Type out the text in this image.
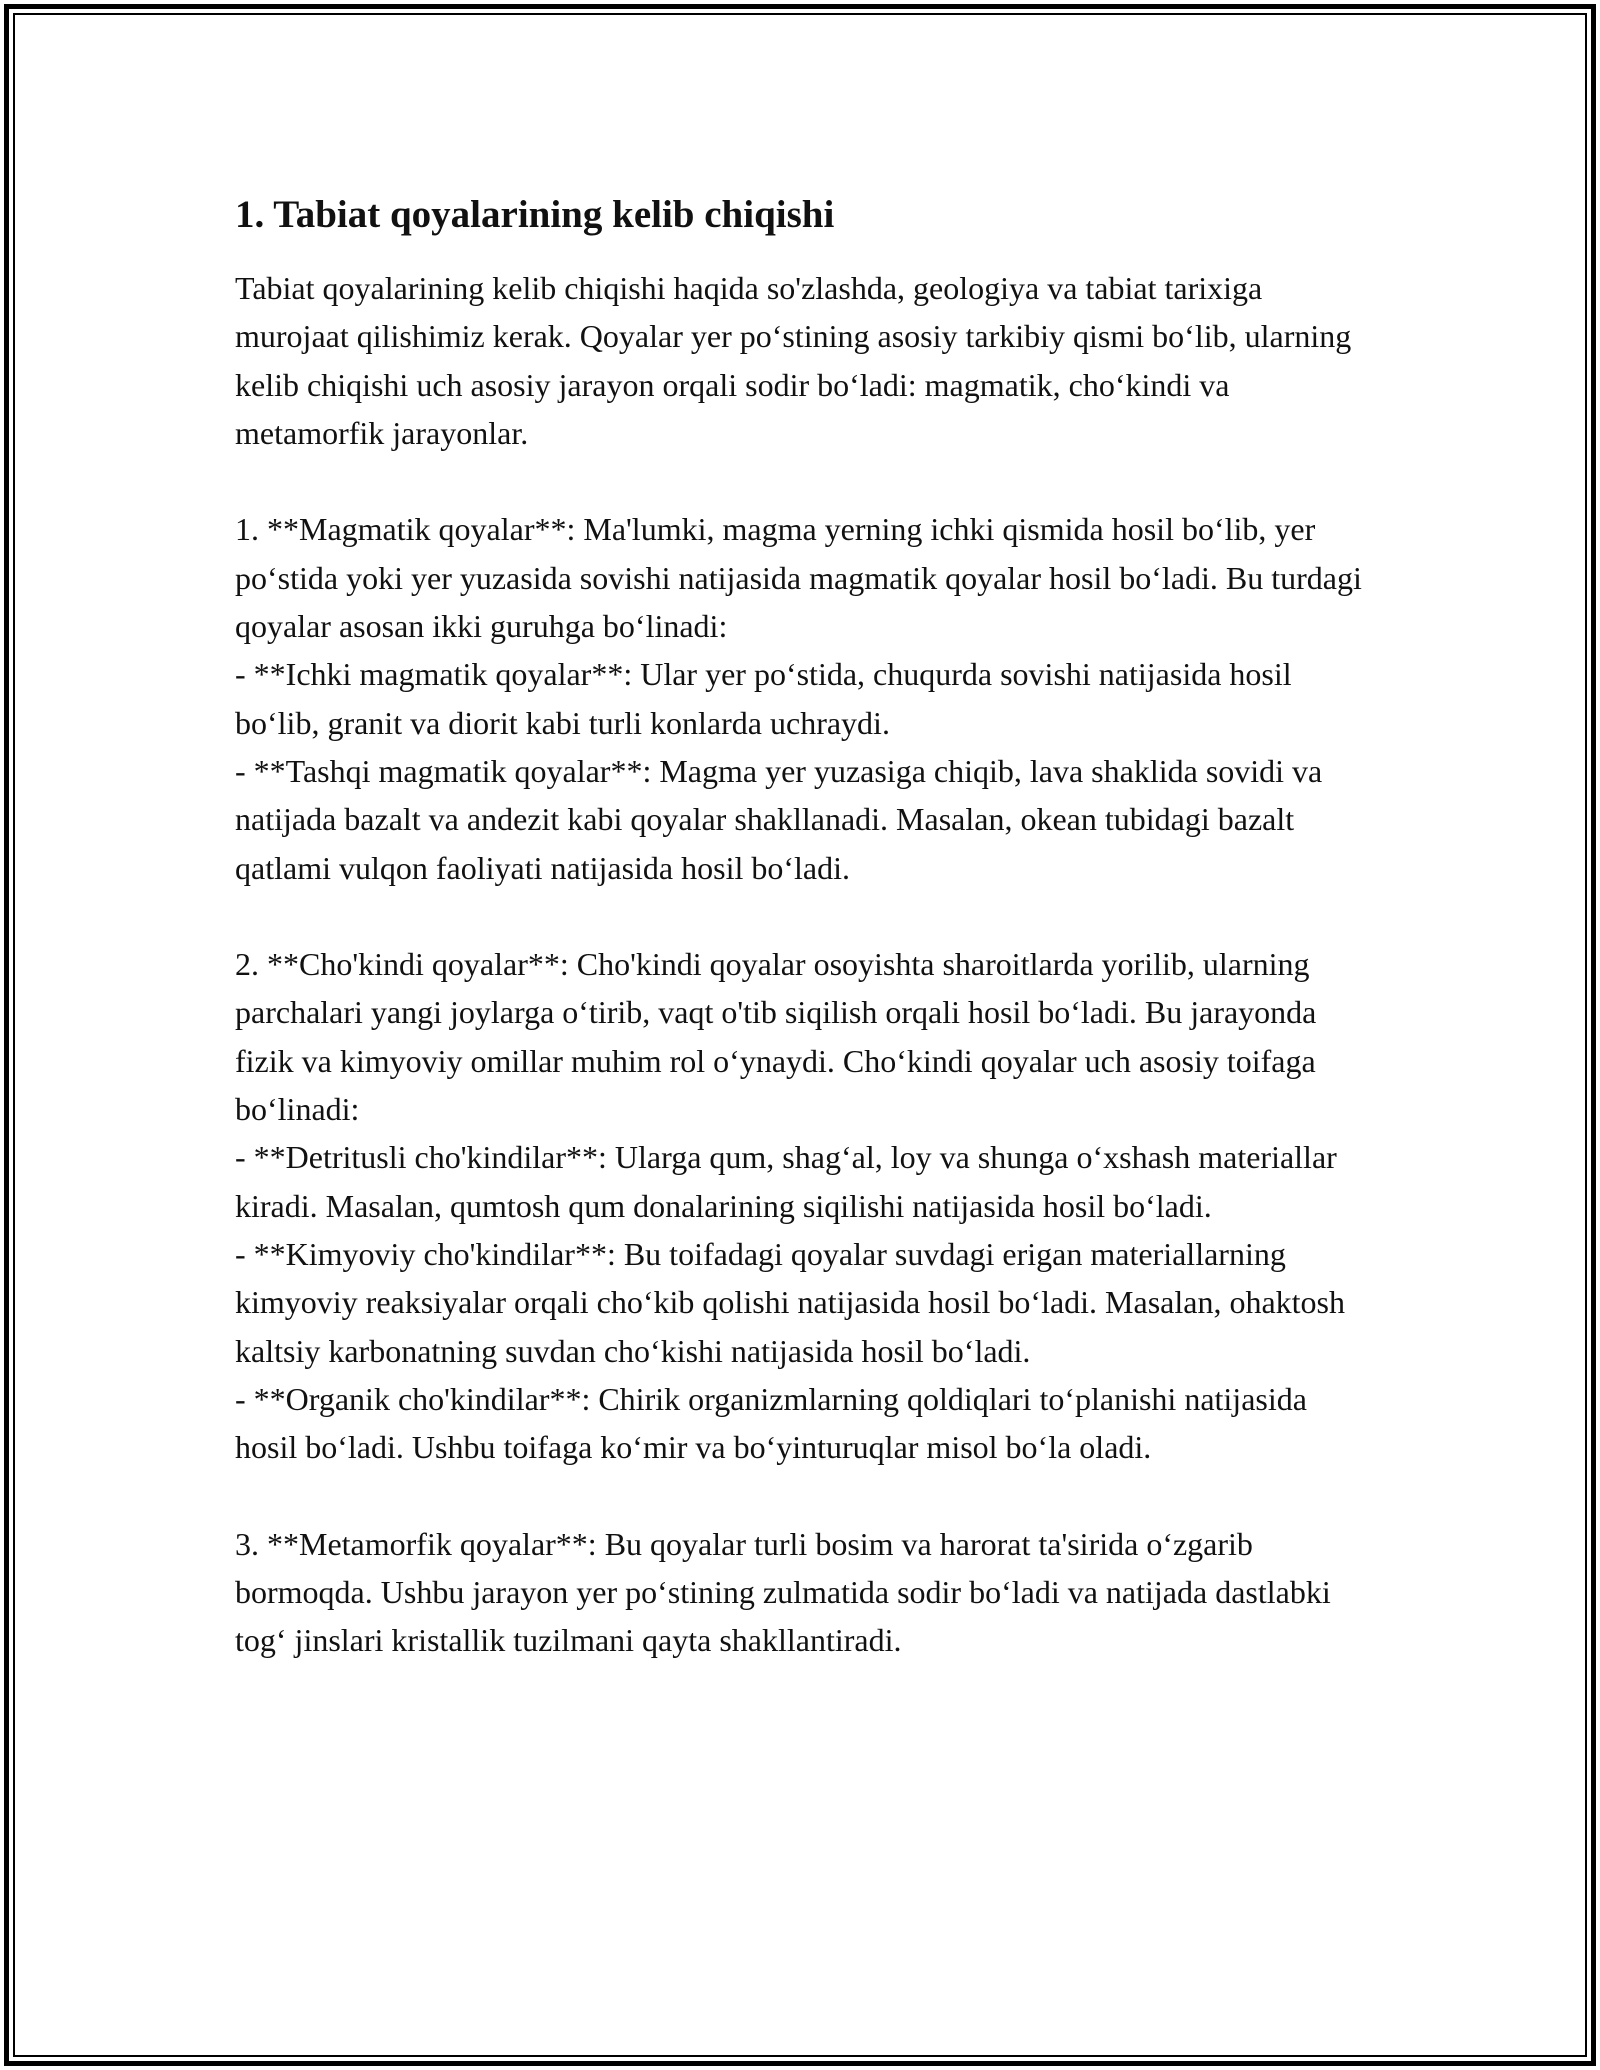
1. Tabiat qoyalarining kelib chiqishi

Tabiat qoyalarining kelib chiqishi haqida so'zlashda, geologiya va tabiat tarixiga murojaat qilishimiz kerak. Qoyalar yer po‘stining asosiy tarkibiy qismi bo‘lib, ularning kelib chiqishi uch asosiy jarayon orqali sodir bo‘ladi: magmatik, cho‘kindi va metamorfik jarayonlar.

1. **Magmatik qoyalar**: Ma'lumki, magma yerning ichki qismida hosil bo‘lib, yer po‘stida yoki yer yuzasida sovishi natijasida magmatik qoyalar hosil bo‘ladi. Bu turdagi qoyalar asosan ikki guruhga bo‘linadi:
- **Ichki magmatik qoyalar**: Ular yer po‘stida, chuqurda sovishi natijasida hosil bo‘lib, granit va diorit kabi turli konlarda uchraydi.
- **Tashqi magmatik qoyalar**: Magma yer yuzasiga chiqib, lava shaklida sovidi va natijada bazalt va andezit kabi qoyalar shakllanadi. Masalan, okean tubidagi bazalt qatlami vulqon faoliyati natijasida hosil bo‘ladi.

2. **Cho'kindi qoyalar**: Cho'kindi qoyalar osoyishta sharoitlarda yorilib, ularning parchalari yangi joylarga o‘tirib, vaqt o'tib siqilish orqali hosil bo‘ladi. Bu jarayonda fizik va kimyoviy omillar muhim rol o‘ynaydi. Cho‘kindi qoyalar uch asosiy toifaga bo‘linadi:
- **Detritusli cho'kindilar**: Ularga qum, shag‘al, loy va shunga o‘xshash materiallar kiradi. Masalan, qumtosh qum donalarining siqilishi natijasida hosil bo‘ladi.
- **Kimyoviy cho'kindilar**: Bu toifadagi qoyalar suvdagi erigan materiallarning kimyoviy reaksiyalar orqali cho‘kib qolishi natijasida hosil bo‘ladi. Masalan, ohaktosh kaltsiy karbonatning suvdan cho‘kishi natijasida hosil bo‘ladi.
- **Organik cho'kindilar**: Chirik organizmlarning qoldiqlari to‘planishi natijasida hosil bo‘ladi. Ushbu toifaga ko‘mir va bo‘yinturuqlar misol bo‘la oladi.

3. **Metamorfik qoyalar**: Bu qoyalar turli bosim va harorat ta'sirida o‘zgarib bormoqda. Ushbu jarayon yer po‘stining zulmatida sodir bo‘ladi va natijada dastlabki tog‘ jinslari kristallik tuzilmani qayta shakllantiradi.
